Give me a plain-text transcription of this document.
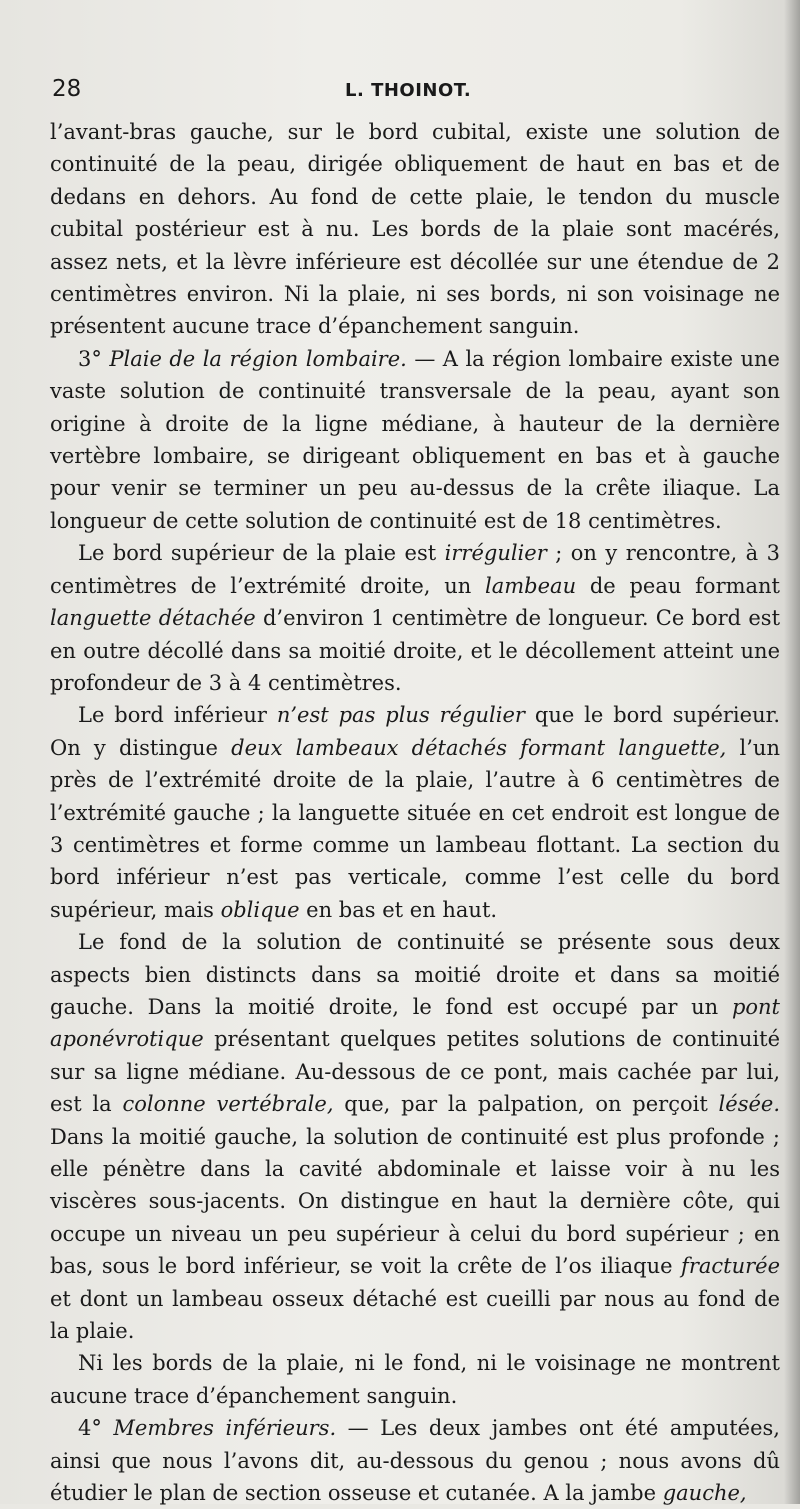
28	L. THOINOT.

l’avant-bras gauche, sur le bord cubital, existe une solution de continuité de la peau, dirigée obliquement de haut en bas et de dedans en dehors. Au fond de cette plaie, le tendon du muscle cubital postérieur est à nu. Les bords de la plaie sont macérés, assez nets, et la lèvre inférieure est décollée sur une étendue de 2 centimètres environ. Ni la plaie, ni ses bords, ni son voisinage ne présentent aucune trace d’épanchement sanguin.

3° Plaie de la région lombaire. — A la région lombaire existe une vaste solution de continuité transversale de la peau, ayant son origine à droite de la ligne médiane, à hauteur de la dernière vertèbre lombaire, se dirigeant obliquement en bas et à gauche pour venir se terminer un peu au-dessus de la crête iliaque. La longueur de cette solution de continuité est de 18 centimètres.

Le bord supérieur de la plaie est irrégulier ; on y rencontre, à 3 centimètres de l’extrémité droite, un lambeau de peau formant languette détachée d’environ 1 centimètre de longueur. Ce bord est en outre décollé dans sa moitié droite, et le décollement atteint une profondeur de 3 à 4 centimètres.

Le bord inférieur n’est pas plus régulier que le bord supérieur. On y distingue deux lambeaux détachés formant languette, l’un près de l’extrémité droite de la plaie, l’autre à 6 centimètres de l’extrémité gauche ; la languette située en cet endroit est longue de 3 centimètres et forme comme un lambeau flottant. La section du bord inférieur n’est pas verticale, comme l’est celle du bord supérieur, mais oblique en bas et en haut.

Le fond de la solution de continuité se présente sous deux aspects bien distincts dans sa moitié droite et dans sa moitié gauche. Dans la moitié droite, le fond est occupé par un pont aponévrotique présentant quelques petites solutions de continuité sur sa ligne médiane. Au-dessous de ce pont, mais cachée par lui, est la colonne vertébrale, que, par la palpation, on perçoit lésée. Dans la moitié gauche, la solution de continuité est plus profonde ; elle pénètre dans la cavité abdominale et laisse voir à nu les viscères sous-jacents. On distingue en haut la dernière côte, qui occupe un niveau un peu supérieur à celui du bord supérieur ; en bas, sous le bord inférieur, se voit la crête de l’os iliaque fracturée et dont un lambeau osseux détaché est cueilli par nous au fond de la plaie.

Ni les bords de la plaie, ni le fond, ni le voisinage ne montrent aucune trace d’épanchement sanguin.

4° Membres inférieurs. — Les deux jambes ont été amputées, ainsi que nous l’avons dit, au-dessous du genou ; nous avons dû étudier le plan de section osseuse et cutanée. A la jambe gauche,
